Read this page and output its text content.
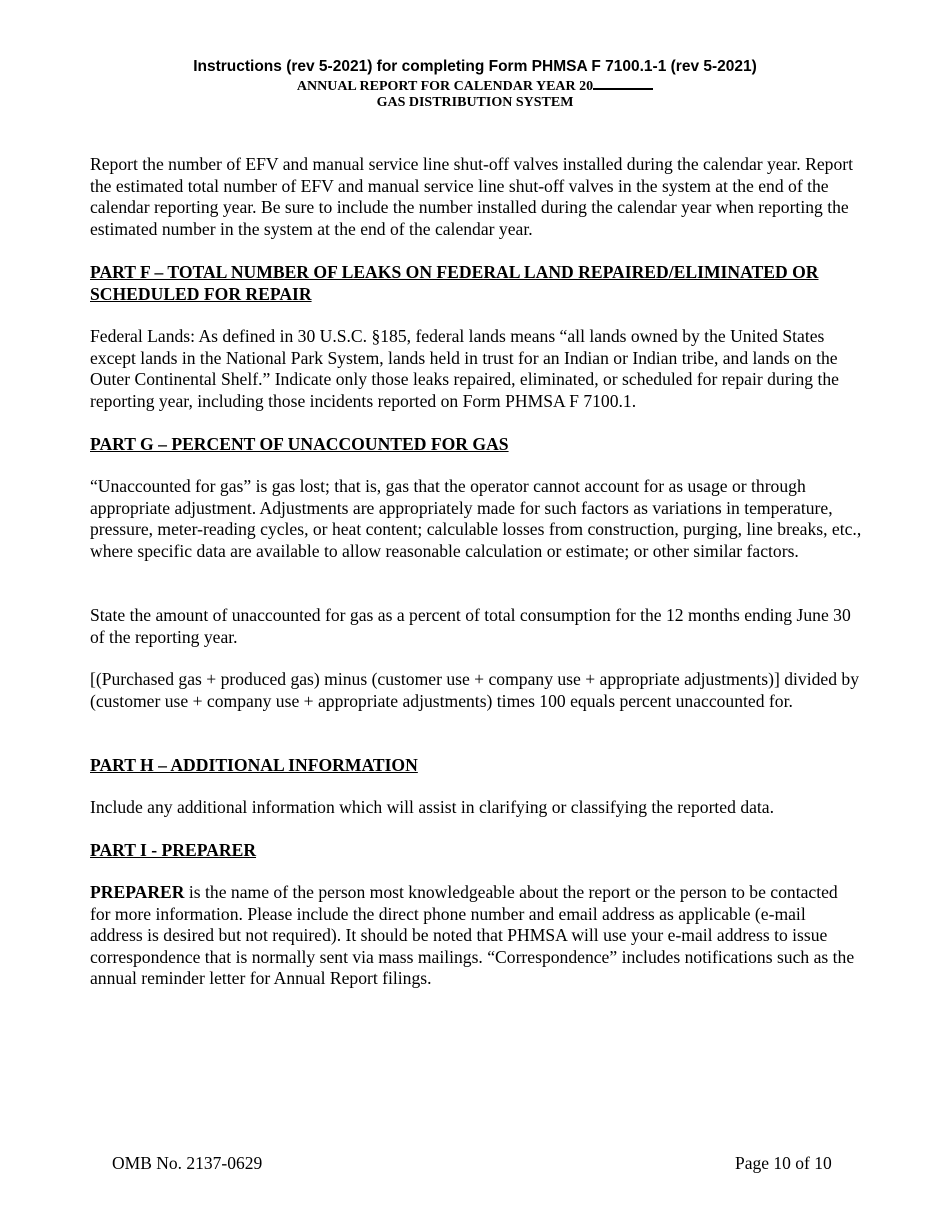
Instructions (rev 5-2021) for completing Form PHMSA F 7100.1-1 (rev 5-2021)
ANNUAL REPORT FOR CALENDAR YEAR 20
GAS DISTRIBUTION SYSTEM

Report the number of EFV and manual service line shut-off valves installed during the calendar year. Report the estimated total number of EFV and manual service line shut-off valves in the system at the end of the calendar reporting year. Be sure to include the number installed during the calendar year when reporting the estimated number in the system at the end of the calendar year.

PART F – TOTAL NUMBER OF LEAKS ON FEDERAL LAND REPAIRED/ELIMINATED OR SCHEDULED FOR REPAIR

Federal Lands: As defined in 30 U.S.C. §185, federal lands means “all lands owned by the United States except lands in the National Park System, lands held in trust for an Indian or Indian tribe, and lands on the Outer Continental Shelf.” Indicate only those leaks repaired, eliminated, or scheduled for repair during the reporting year, including those incidents reported on Form PHMSA F 7100.1.

PART G – PERCENT OF UNACCOUNTED FOR GAS

“Unaccounted for gas” is gas lost; that is, gas that the operator cannot account for as usage or through appropriate adjustment. Adjustments are appropriately made for such factors as variations in temperature, pressure, meter-reading cycles, or heat content; calculable losses from construction, purging, line breaks, etc., where specific data are available to allow reasonable calculation or estimate; or other similar factors.

State the amount of unaccounted for gas as a percent of total consumption for the 12 months ending June 30 of the reporting year.

[(Purchased gas + produced gas) minus (customer use + company use + appropriate adjustments)] divided by (customer use + company use + appropriate adjustments) times 100 equals percent unaccounted for.

PART H – ADDITIONAL INFORMATION

Include any additional information which will assist in clarifying or classifying the reported data.

PART I - PREPARER

PREPARER is the name of the person most knowledgeable about the report or the person to be contacted for more information. Please include the direct phone number and email address as applicable (e-mail address is desired but not required). It should be noted that PHMSA will use your e-mail address to issue correspondence that is normally sent via mass mailings. “Correspondence” includes notifications such as the annual reminder letter for Annual Report filings.

OMB No. 2137-0629	Page 10 of 10
